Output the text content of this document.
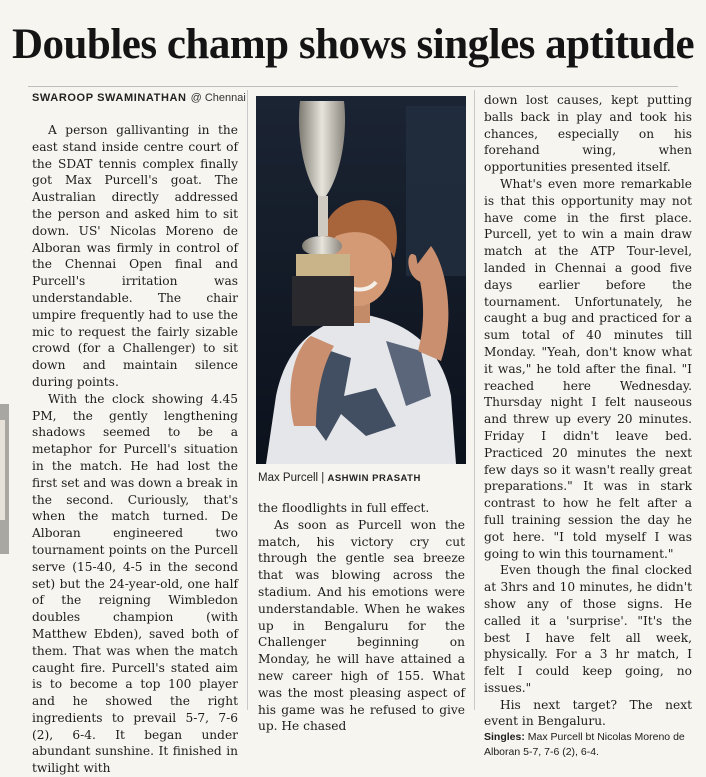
Doubles champ shows singles aptitude
SWAROOP SWAMINATHAN @ Chennai

A person gallivanting in the east stand inside centre court of the SDAT tennis complex finally got Max Purcell's goat. The Australian directly addressed the person and asked him to sit down. US' Nicolas Moreno de Alboran was firmly in control of the Chennai Open final and Purcell's irritation was understandable. The chair umpire frequently had to use the mic to request the fairly sizable crowd (for a Challenger) to sit down and maintain silence during points.

With the clock showing 4.45 PM, the gently lengthening shadows seemed to be a metaphor for Purcell's situation in the match. He had lost the first set and was down a break in the second. Curiously, that's when the match turned. De Alboran engineered two tournament points on the Purcell serve (15-40, 4-5 in the second set) but the 24-year-old, one half of the reigning Wimbledon doubles champion (with Matthew Ebden), saved both of them. That was when the match caught fire. Purcell's stated aim is to become a top 100 player and he showed the right ingredients to prevail 5-7, 7-6 (2), 6-4. It began under abundant sunshine. It finished in twilight with

Max Purcell | ASHWIN PRASATH

the floodlights in full effect.

As soon as Purcell won the match, his victory cry cut through the gentle sea breeze that was blowing across the stadium. And his emotions were understandable. When he wakes up in Bengaluru for the Challenger beginning on Monday, he will have attained a new career high of 155. What was the most pleasing aspect of his game was he refused to give up. He chased

down lost causes, kept putting balls back in play and took his chances, especially on his forehand wing, when opportunities presented itself.

What's even more remarkable is that this opportunity may not have come in the first place. Purcell, yet to win a main draw match at the ATP Tour-level, landed in Chennai a good five days earlier before the tournament. Unfortunately, he caught a bug and practiced for a sum total of 40 minutes till Monday. "Yeah, don't know what it was," he told after the final. "I reached here Wednesday. Thursday night I felt nauseous and threw up every 20 minutes. Friday I didn't leave bed. Practiced 20 minutes the next few days so it wasn't really great preparations." It was in stark contrast to how he felt after a full training session the day he got here. "I told myself I was going to win this tournament."

Even though the final clocked at 3hrs and 10 minutes, he didn't show any of those signs. He called it a 'surprise'. "It's the best I have felt all week, physically. For a 3 hr match, I felt I could keep going, no issues."

His next target? The next event in Bengaluru.

Singles: Max Purcell bt Nicolas Moreno de Alboran 5-7, 7-6 (2), 6-4.
